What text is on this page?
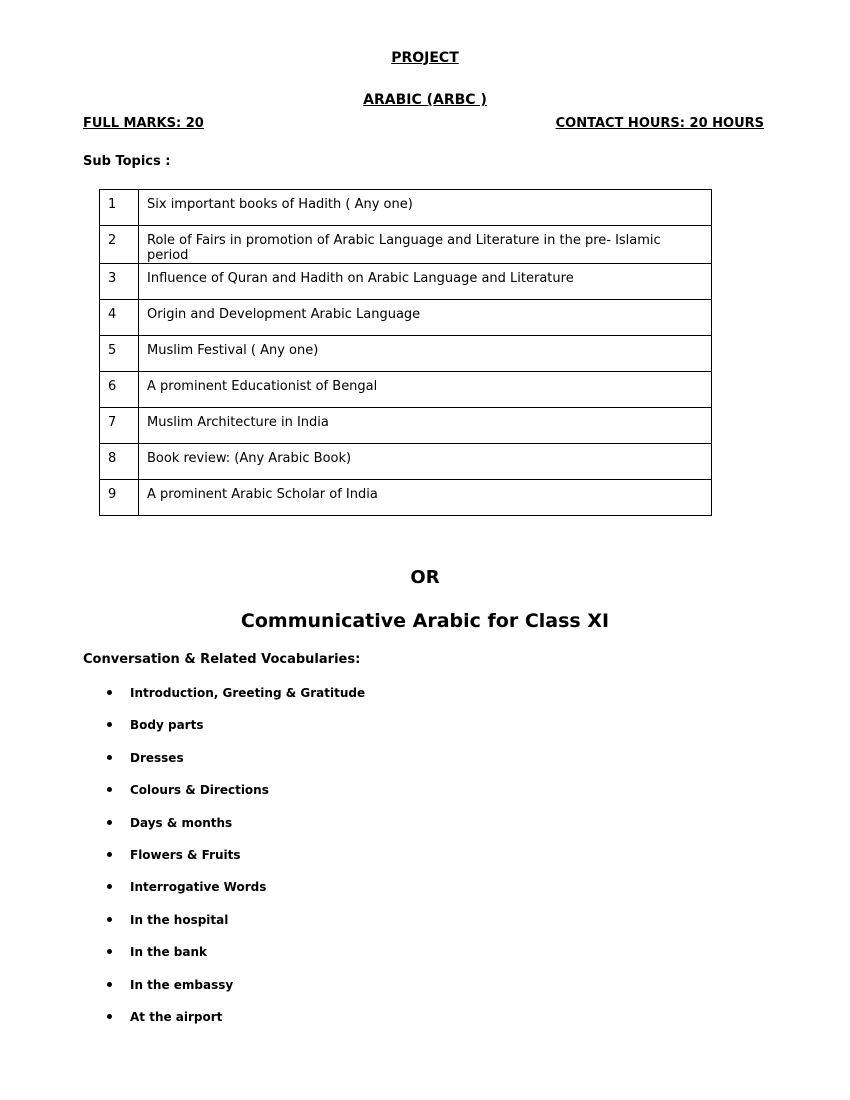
PROJECT
ARABIC (ARBC )
FULL MARKS: 20	CONTACT HOURS: 20 HOURS
Sub Topics :
1	Six important books of Hadith ( Any one)
2	Role of Fairs in promotion of Arabic Language and Literature in the pre- Islamic period
3	Influence of Quran and Hadith on Arabic Language and Literature
4	Origin and Development Arabic Language
5	Muslim Festival ( Any one)
6	A prominent Educationist of Bengal
7	Muslim Architecture in India
8	Book review: (Any Arabic Book)
9	A prominent Arabic Scholar of India
OR
Communicative Arabic for Class XI
Conversation & Related Vocabularies:
Introduction, Greeting & Gratitude
Body parts
Dresses
Colours & Directions
Days & months
Flowers & Fruits
Interrogative Words
In the hospital
In the bank
In the embassy
At the airport
